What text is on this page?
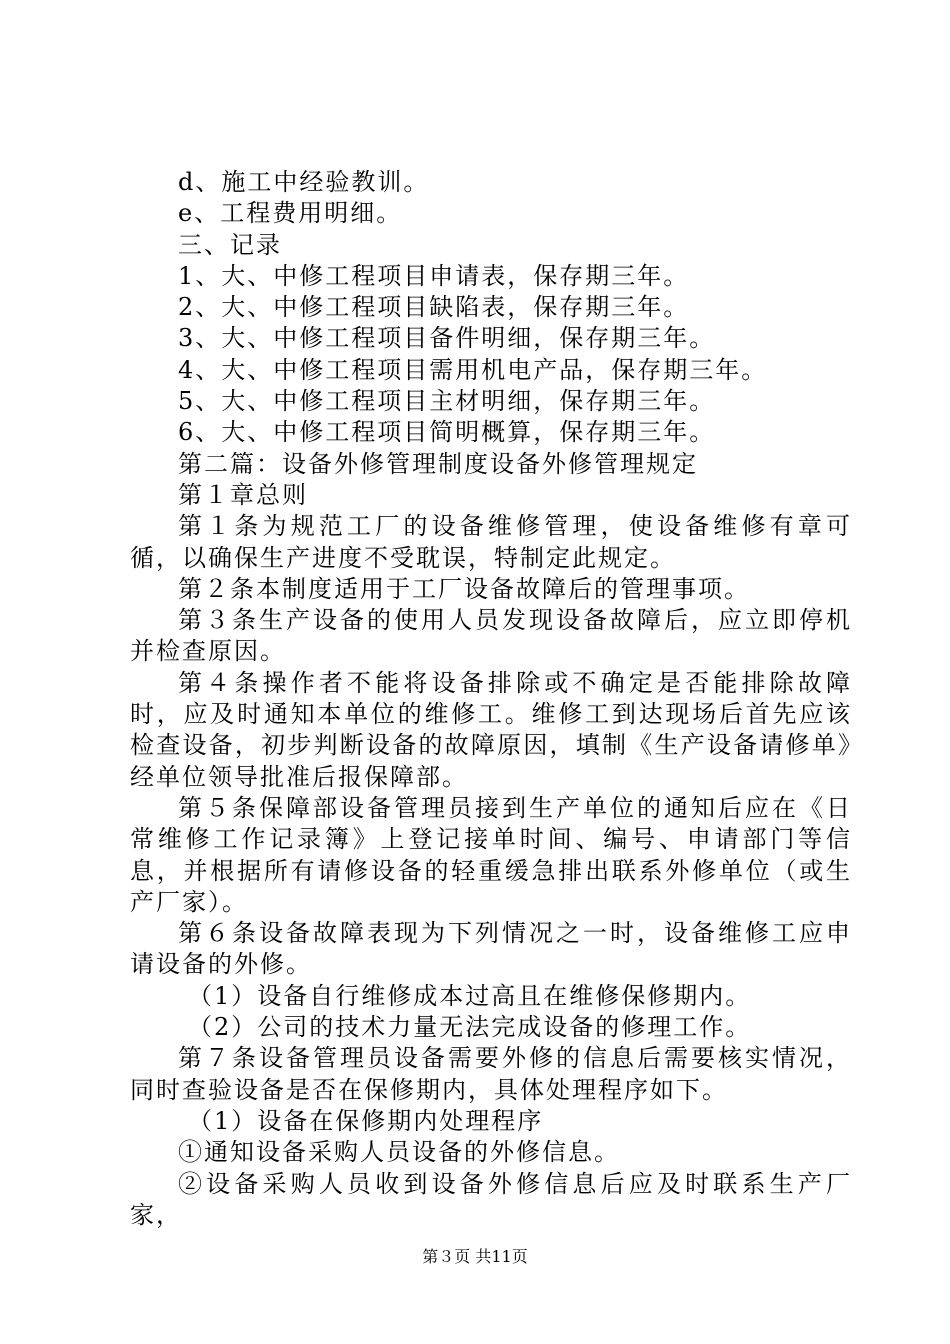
d、施工中经验教训。

e、工程费用明细。

三、记录

1、大、中修工程项目申请表，保存期三年。

2、大、中修工程项目缺陷表，保存期三年。

3、大、中修工程项目备件明细，保存期三年。

4、大、中修工程项目需用机电产品，保存期三年。

5、大、中修工程项目主材明细，保存期三年。

6、大、中修工程项目简明概算，保存期三年。

第二篇：设备外修管理制度设备外修管理规定

第１章总则

第１条为规范工厂的设备维修管理，使设备维修有章可循，以确保生产进度不受耽误，特制定此规定。

第２条本制度适用于工厂设备故障后的管理事项。

第３条生产设备的使用人员发现设备故障后，应立即停机并检查原因。

第４条操作者不能将设备排除或不确定是否能排除故障时，应及时通知本单位的维修工。维修工到达现场后首先应该检查设备，初步判断设备的故障原因，填制《生产设备请修单》经单位领导批准后报保障部。

第５条保障部设备管理员接到生产单位的通知后应在《日常维修工作记录簿》上登记接单时间、编号、申请部门等信息，并根据所有请修设备的轻重缓急排出联系外修单位（或生产厂家）。

第６条设备故障表现为下列情况之一时，设备维修工应申请设备的外修。

（1）设备自行维修成本过高且在维修保修期内。

（2）公司的技术力量无法完成设备的修理工作。

第７条设备管理员设备需要外修的信息后需要核实情况，同时查验设备是否在保修期内，具体处理程序如下。

（1）设备在保修期内处理程序

①通知设备采购人员设备的外修信息。

②设备采购人员收到设备外修信息后应及时联系生产厂家，

第３页 共11页
